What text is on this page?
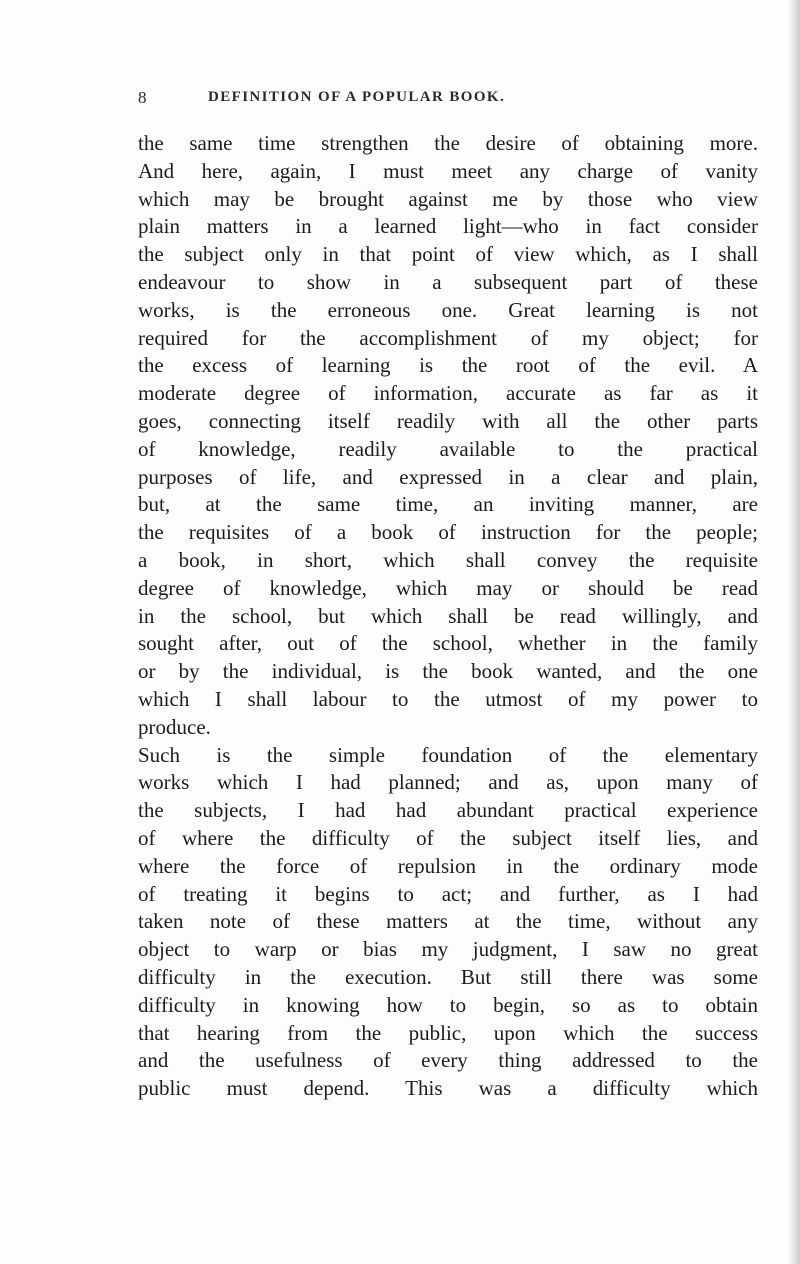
8	DEFINITION OF A POPULAR BOOK.
the same time strengthen the desire of obtaining more.
And here, again, I must meet any charge of vanity
which may be brought against me by those who view
plain matters in a learned light—who in fact consider
the subject only in that point of view which, as I shall
endeavour to show in a subsequent part of these
works, is the erroneous one. Great learning is not
required for the accomplishment of my object; for
the excess of learning is the root of the evil. A
moderate degree of information, accurate as far as it
goes, connecting itself readily with all the other parts
of knowledge, readily available to the practical
purposes of life, and expressed in a clear and plain,
but, at the same time, an inviting manner, are
the requisites of a book of instruction for the people;
a book, in short, which shall convey the requisite
degree of knowledge, which may or should be read
in the school, but which shall be read willingly, and
sought after, out of the school, whether in the family
or by the individual, is the book wanted, and the one
which I shall labour to the utmost of my power to
produce.
Such is the simple foundation of the elementary
works which I had planned; and as, upon many of
the subjects, I had had abundant practical experience
of where the difficulty of the subject itself lies, and
where the force of repulsion in the ordinary mode
of treating it begins to act; and further, as I had
taken note of these matters at the time, without any
object to warp or bias my judgment, I saw no great
difficulty in the execution. But still there was some
difficulty in knowing how to begin, so as to obtain
that hearing from the public, upon which the success
and the usefulness of every thing addressed to the
public must depend. This was a difficulty which
